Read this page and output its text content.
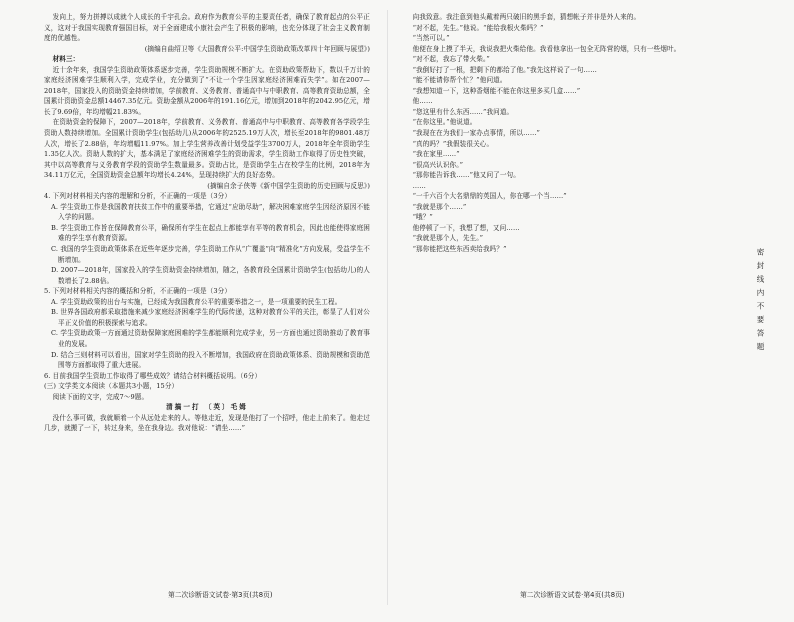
发向上，努力拼搏以成就个人成长的千宇孔会。政府作为教育公平的主要责任者，确保了教育起点的公平正义，这对于我国实现教育强国目标，对于全面建成小康社会产生了积极的影响，也充分体现了社会主义教育制度的优越性。

(摘编自曲绍卫等《大国教育公平:中国学生资助政策改革四十年回顾与展望》)

材料三：

近十余年来，我国学生资助政策体系逐步完善，学生资助规模不断扩大。在资助政策帮助下，数以千万计的家庭经济困难学生顺利入学，完成学业，充分做到了“不让一个学生因家庭经济困难而失学”。如在2007—2018年，国家投入的资助资金持续增加，学前教育、义务教育、普通高中与中职教育、高等教育资助总额，全国累计资助资金总额14467.35亿元。资助金额从2006年的191.16亿元，增加到2018年的2042.95亿元，增长了9.69倍，年均增幅21.83%。

在资助资金的保障下，2007—2018年，学前教育、义务教育、普通高中与中职教育、高等教育各学段学生资助人数持续增加。全国累计资助学生(包括幼儿)从2006年的2525.19万人次，增长至2018年的9801.48万人次，增长了2.88倍，年均增幅11.97%。加上学生营养改善计划受益学生3700万人，2018年全年资助学生1.35亿人次。资助人数的扩大，基本满足了家庭经济困难学生的资助需求，学生资助工作取得了历史性突破，其中以高等教育与义务教育学段的资助学生数量最多。资助占比，是资助学生占在校学生的比例，2018年为34.11万亿元，全国资助资金总额年均增长4.24%，呈现持续扩大的良好态势。

(摘编自余子侠等《新中国学生资助的历史回顾与反思》)

4. 下列对材料相关内容的理解和分析，不正确的一项是（3分）

A. 学生资助工作是我国教育扶贫工作中的重要举措，它通过“应助尽助”，解决困难家庭学生因经济原因不能入学的问题。

B. 学生资助工作旨在保障教育公平，确保所有学生在起点上都能享有平等的教育机会，因此也能使得家庭困难的学生享有教育资源。

C. 我国的学生资助政策体系在近些年逐步完善，学生资助工作从“广覆盖”向“精准化”方向发展，受益学生不断增加。

D. 2007—2018年，国家投入的学生资助资金持续增加，随之，各教育段全国累计资助学生(包括幼儿)的人数增长了2.88倍。

5. 下列对材料相关内容的概括和分析，不正确的一项是（3分）

A. 学生资助政策的出台与实施，已经成为我国教育公平的重要举措之一，是一项重要的民生工程。

B. 世界各国政府都采取措施来减少家庭经济困难学生的代际传递，这种对教育公平的关注，彰显了人们对公平正义价值的积极探索与追求。

C. 学生资助政策一方面通过资助保障家庭困难的学生都能顺利完成学业，另一方面也通过资助推动了教育事业的发展。

D. 结合三则材料可以看出，国家对学生资助的投入不断增加，我国政府在资助政策体系、资助规模和资助范围等方面都取得了重大进展。

6. 目前我国学生资助工作取得了哪些成效？请结合材料概括说明。（6分）

(三) 文学类文本阅读（本题共3小题，15分）

阅读下面的文字，完成7～9题。

清搞一打 〔英〕毛姆

没什么事可做，我就顺着一个从远处走来的人。等他走近，发现是他打了一个招呼，他走上前来了。他走过几步，就搬了一下，转过身来，坐在我身边。我对他说：“请坐……”

向我致意。我注意到他头戴着两只破旧的黑手套，猜想帐子并非是外人来的。

“对不起，先生。”他说。“能给我根火柴吗？”

“当然可以。”

他便在身上摸了半天，我说我把火柴给他。我看他拿出一包全无阵营的烟，只有一些烟叶。

“对不起，我忘了带火柴。”

“我倒好打了一根，把剩下的都给了他。”我先这样说了一句……

“能不能请你帮个忙？”他问道。

“我想知道一下，这种香烟能不能在你这里多买几盒……”

他……

“您这里有什么东西……”我问道。

“在你这里。”他说道。

“我现在在为我们一家办点事情，所以……”

“真的吗？”我假装很关心。

“我在家里……”

“很高兴认识你。”

“那你能告诉我……”他又问了一句。

……

“一千六百个大名鼎鼎的英国人，你在哪一个当……”

“我就是那个……”

“哦？”

他停顿了一下，我想了想，又问……

“我就是那个人，先生。”

“那你能把这些东西卖给我吗？”

第二次诊断语文试卷·第3页(共8页)	第二次诊断语文试卷·第4页(共8页)
密封线内不要答题
